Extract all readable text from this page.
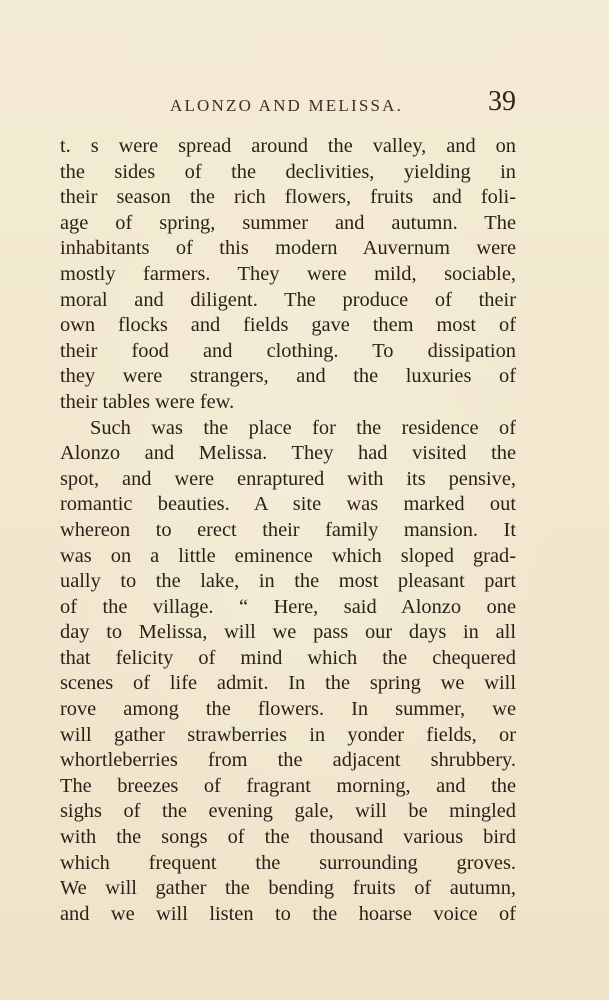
ALONZO AND MELISSA.	39
t. s were spread around the valley, and on
the sides of the declivities, yielding in
their season the rich flowers, fruits and foli-
age of spring, summer and autumn. The
inhabitants of this modern Auvernum were
mostly farmers. They were mild, sociable,
moral and diligent. The produce of their
own flocks and fields gave them most of
their food and clothing. To dissipation
they were strangers, and the luxuries of
their tables were few.
Such was the place for the residence of
Alonzo and Melissa. They had visited the
spot, and were enraptured with its pensive,
romantic beauties. A site was marked out
whereon to erect their family mansion. It
was on a little eminence which sloped grad-
ually to the lake, in the most pleasant part
of the village. “ Here, said Alonzo one
day to Melissa, will we pass our days in all
that felicity of mind which the chequered
scenes of life admit. In the spring we will
rove among the flowers. In summer, we
will gather strawberries in yonder fields, or
whortleberries from the adjacent shrubbery.
The breezes of fragrant morning, and the
sighs of the evening gale, will be mingled
with the songs of the thousand various bird
which frequent the surrounding groves.
We will gather the bending fruits of autumn,
and we will listen to the hoarse voice of
